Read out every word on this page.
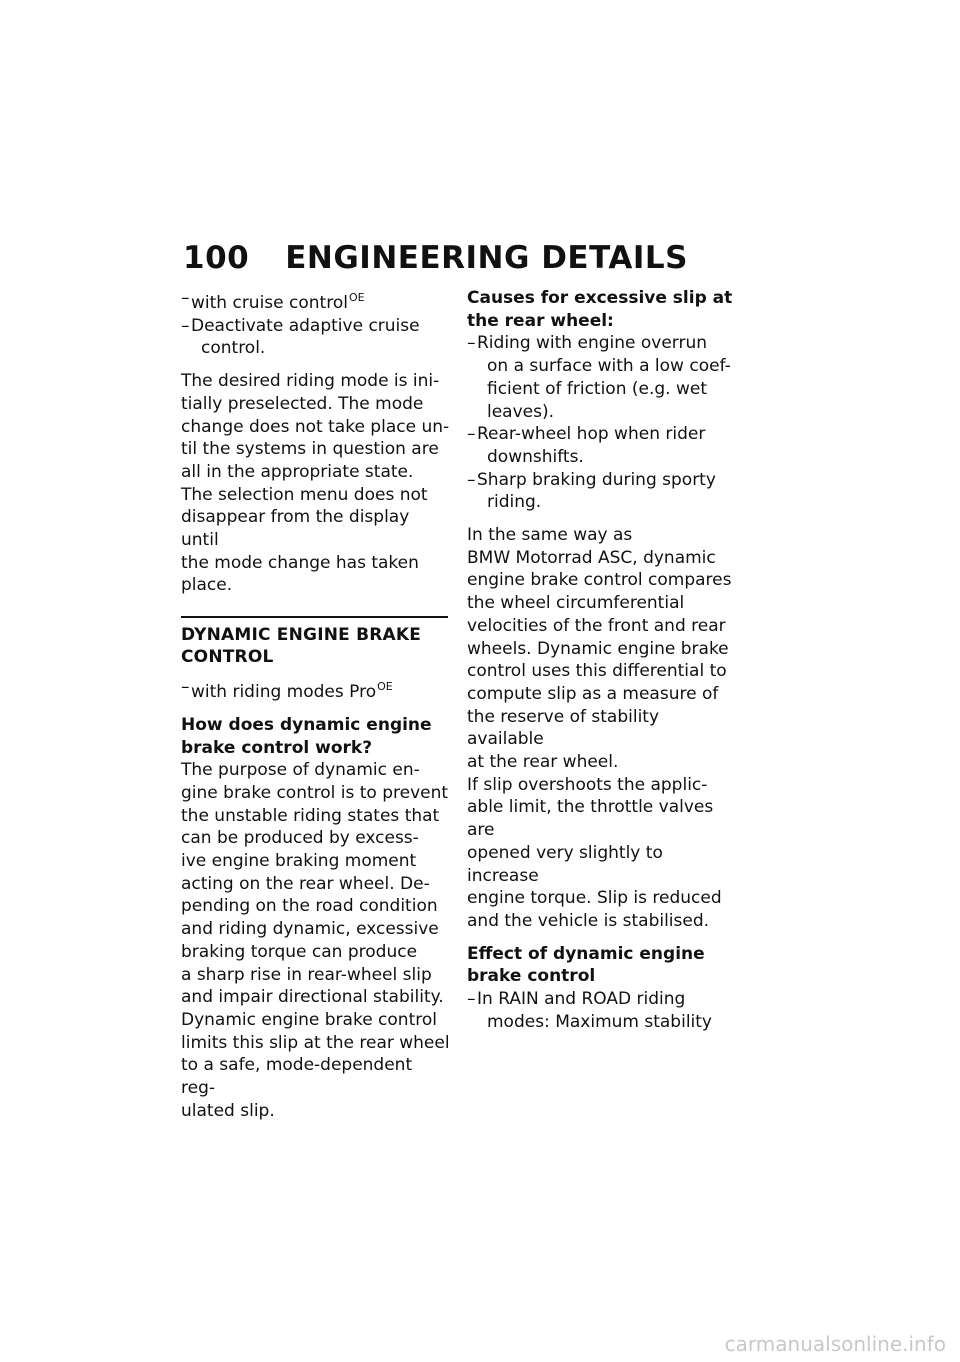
100 ENGINEERING DETAILS
– with cruise control$^{OE}$
– Deactivate adaptive cruise
control.
The desired riding mode is ini-
tially preselected. The mode
change does not take place un-
til the systems in question are
all in the appropriate state.
The selection menu does not
disappear from the display until
the mode change has taken
place.
DYNAMIC ENGINE BRAKE
CONTROL
– with riding modes Pro$^{OE}$
How does dynamic engine
brake control work?
The purpose of dynamic en-
gine brake control is to prevent
the unstable riding states that
can be produced by excess-
ive engine braking moment
acting on the rear wheel. De-
pending on the road condition
and riding dynamic, excessive
braking torque can produce
a sharp rise in rear-wheel slip
and impair directional stability.
Dynamic engine brake control
limits this slip at the rear wheel
to a safe, mode-dependent reg-
ulated slip.
Causes for excessive slip at
the rear wheel:
– Riding with engine overrun
on a surface with a low coef-
ficient of friction (e.g. wet
leaves).
– Rear-wheel hop when rider
downshifts.
– Sharp braking during sporty
riding.
In the same way as
BMW Motorrad ASC, dynamic
engine brake control compares
the wheel circumferential
velocities of the front and rear
wheels. Dynamic engine brake
control uses this differential to
compute slip as a measure of
the reserve of stability available
at the rear wheel.
If slip overshoots the applic-
able limit, the throttle valves are
opened very slightly to increase
engine torque. Slip is reduced
and the vehicle is stabilised.
Effect of dynamic engine
brake control
– In RAIN and ROAD riding
modes: Maximum stability
carmanualsonline.info
